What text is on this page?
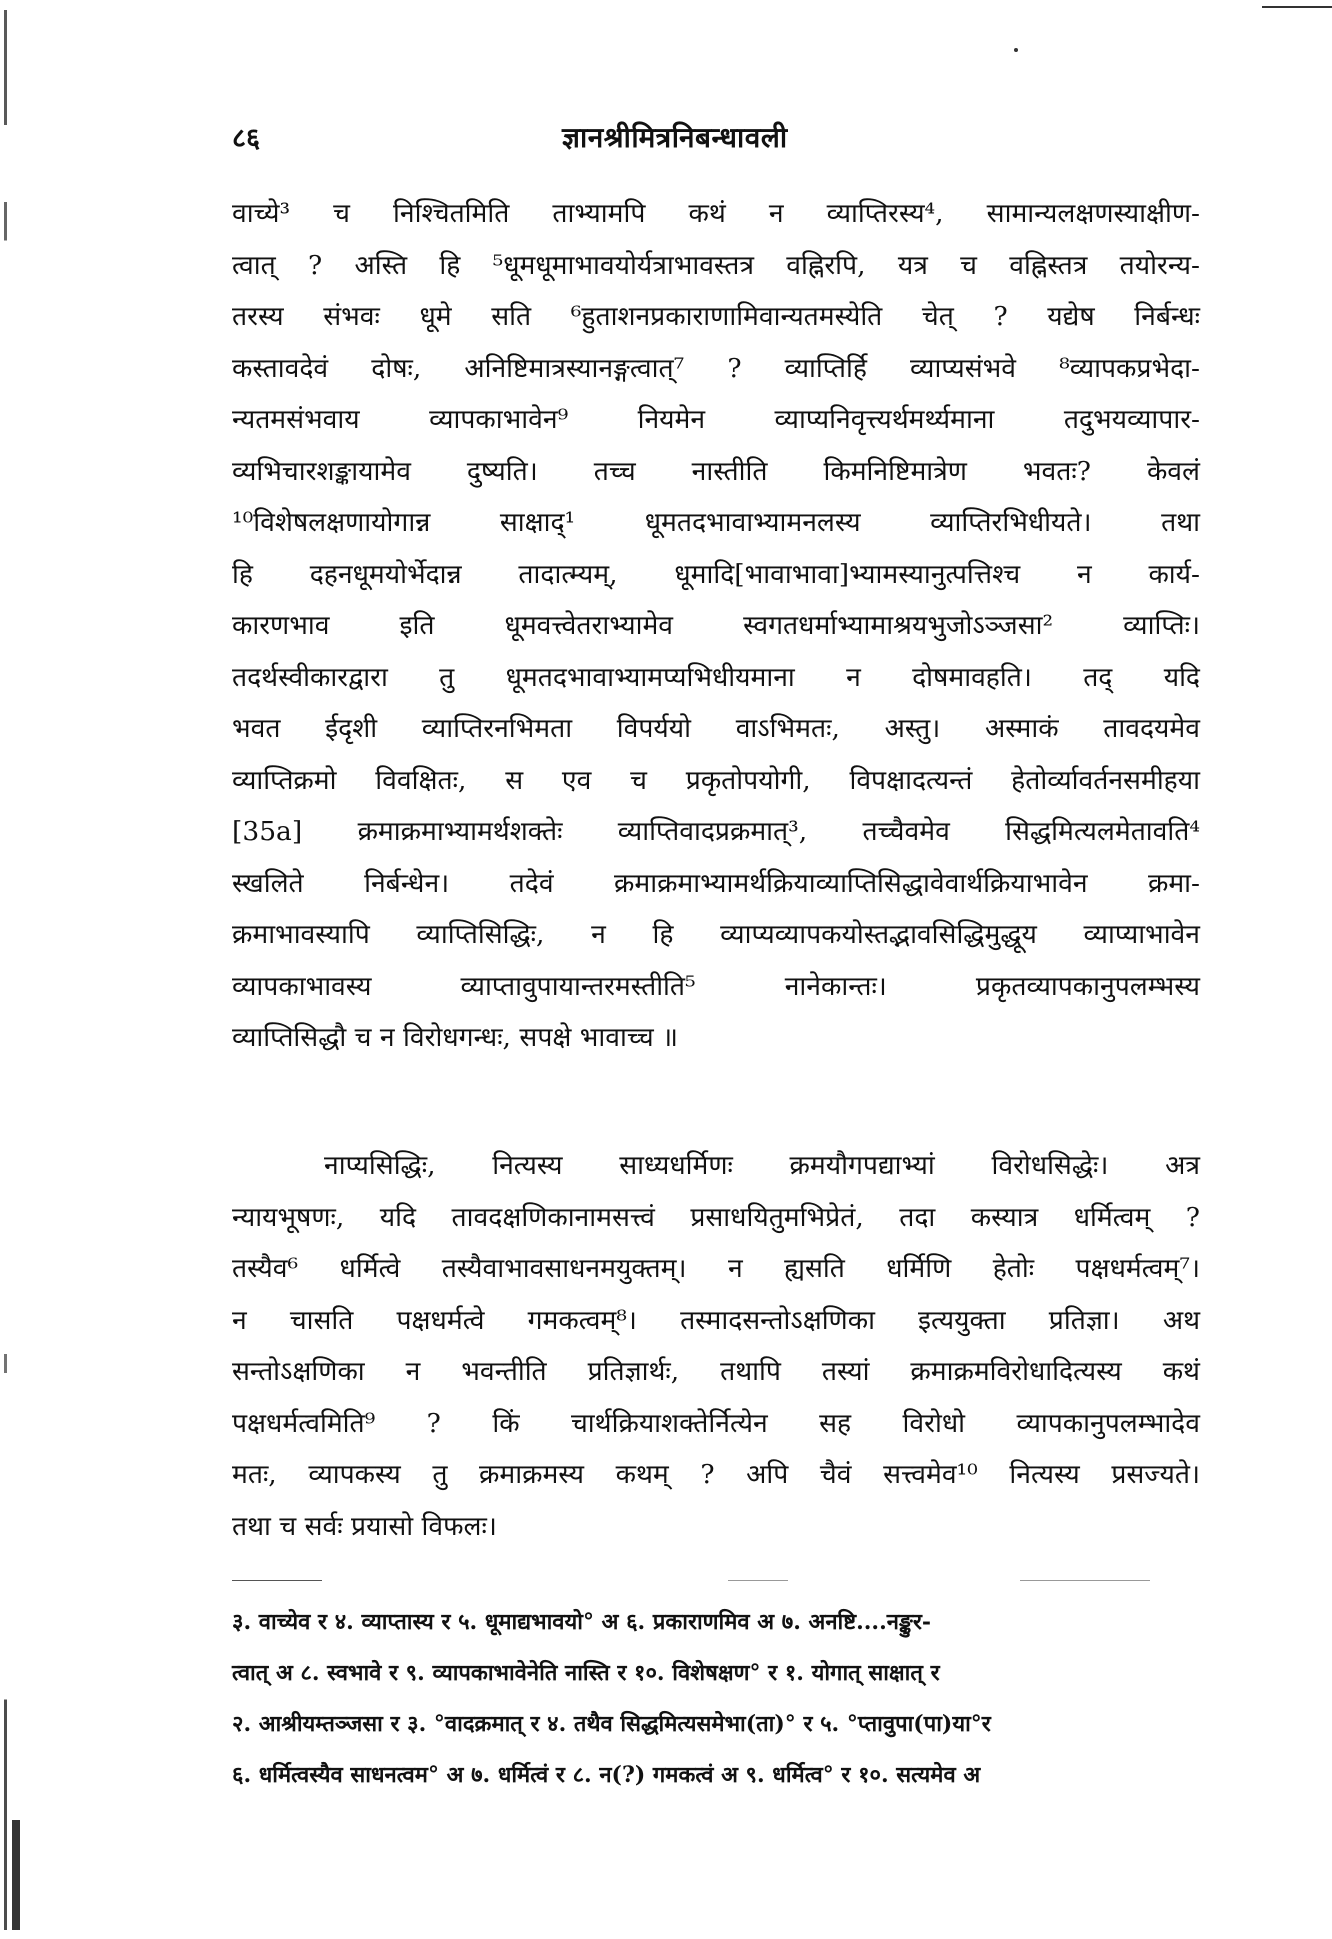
८६	ज्ञानश्रीमित्रनिबन्धावली
वाच्ये³ च निश्चितमिति ताभ्यामपि कथं न व्याप्तिरस्य⁴, सामान्यलक्षणस्याक्षीण-
त्वात् ? अस्ति हि ⁵धूमधूमाभावयोर्यत्राभावस्तत्र वह्निरपि, यत्र च वह्निस्तत्र तयोरन्य-
तरस्य संभवः धूमे सति ⁶हुताशनप्रकाराणामिवान्यतमस्येति चेत् ? यद्येष निर्बन्धः
कस्तावदेवं दोषः, अनिष्टिमात्रस्यानङ्गत्वात्⁷ ? व्याप्तिर्हि व्याप्यसंभवे ⁸व्यापकप्रभेदा-
न्यतमसंभवाय व्यापकाभावेन⁹ नियमेन व्याप्यनिवृत्त्यर्थमर्थ्यमाना तदुभयव्यापार-
व्यभिचारशङ्कायामेव दुष्यति। तच्च नास्तीति किमनिष्टिमात्रेण भवतः? केवलं
¹⁰विशेषलक्षणायोगान्न साक्षाद्¹ धूमतदभावाभ्यामनलस्य व्याप्तिरभिधीयते। तथा
हि दहनधूमयोर्भेदान्न तादात्म्यम्, धूमादि[भावाभावा]भ्यामस्यानुत्पत्तिश्च न कार्य-
कारणभाव इति धूमवत्त्वेतराभ्यामेव स्वगतधर्माभ्यामाश्रयभुजोऽञ्जसा² व्याप्तिः।
तदर्थस्वीकारद्वारा तु धूमतदभावाभ्यामप्यभिधीयमाना न दोषमावहति। तद् यदि
भवत ईदृशी व्याप्तिरनभिमता विपर्ययो वाऽभिमतः, अस्तु। अस्माकं तावदयमेव
व्याप्तिक्रमो विवक्षितः, स एव च प्रकृतोपयोगी, विपक्षादत्यन्तं हेतोर्व्यावर्तनसमीहया
[35a] क्रमाक्रमाभ्यामर्थशक्तेः व्याप्तिवादप्रक्रमात्³, तच्चैवमेव सिद्धमित्यलमेतावति⁴
स्खलिते निर्बन्धेन। तदेवं क्रमाक्रमाभ्यामर्थक्रियाव्याप्तिसिद्धावेवार्थक्रियाभावेन क्रमा-
क्रमाभावस्यापि व्याप्तिसिद्धिः, न हि व्याप्यव्यापकयोस्तद्भावसिद्धिमुद्धूय व्याप्याभावेन
व्यापकाभावस्य व्याप्तावुपायान्तरमस्तीति⁵ नानेकान्तः। प्रकृतव्यापकानुपलम्भस्य
व्याप्तिसिद्धौ च न विरोधगन्धः, सपक्षे भावाच्च ॥
नाप्यसिद्धिः, नित्यस्य साध्यधर्मिणः क्रमयौगपद्याभ्यां विरोधसिद्धेः। अत्र
न्यायभूषणः, यदि तावदक्षणिकानामसत्त्वं प्रसाधयितुमभिप्रेतं, तदा कस्यात्र धर्मित्वम् ?
तस्यैव⁶ धर्मित्वे तस्यैवाभावसाधनमयुक्तम्। न ह्यसति धर्मिणि हेतोः पक्षधर्मत्वम्⁷।
न चासति पक्षधर्मत्वे गमकत्वम्⁸। तस्मादसन्तोऽक्षणिका इत्ययुक्ता प्रतिज्ञा। अथ
सन्तोऽक्षणिका न भवन्तीति प्रतिज्ञार्थः, तथापि तस्यां क्रमाक्रमविरोधादित्यस्य कथं
पक्षधर्मत्वमिति⁹ ? किं चार्थक्रियाशक्तेर्नित्येन सह विरोधो व्यापकानुपलम्भादेव
मतः, व्यापकस्य तु क्रमाक्रमस्य कथम् ? अपि चैवं सत्त्वमेव¹⁰ नित्यस्य प्रसज्यते।
तथा च सर्वः प्रयासो विफलः।
३. वाच्येव र ४. व्याप्तास्य र ५. धूमाद्यभावयो° अ ६. प्रकाराणमिव अ ७. अनष्टि....नङ्कुर-
त्वात् अ ८. स्वभावे र ९. व्यापकाभावेनेति नास्ति र १०. विशेषक्षण° र १. योगात् साक्षात् र
२. आश्रीयम्तञ्जसा र ३. °वादक्रमात् र ४. तथैव सिद्धमित्यसमेभा(ता)° र ५. °प्तावुपा(पा)या°र
६. धर्मित्वस्यैव साधनत्वम° अ ७. धर्मित्वं र ८. न(?) गमकत्वं अ ९. धर्मित्व° र १०. सत्यमेव अ
